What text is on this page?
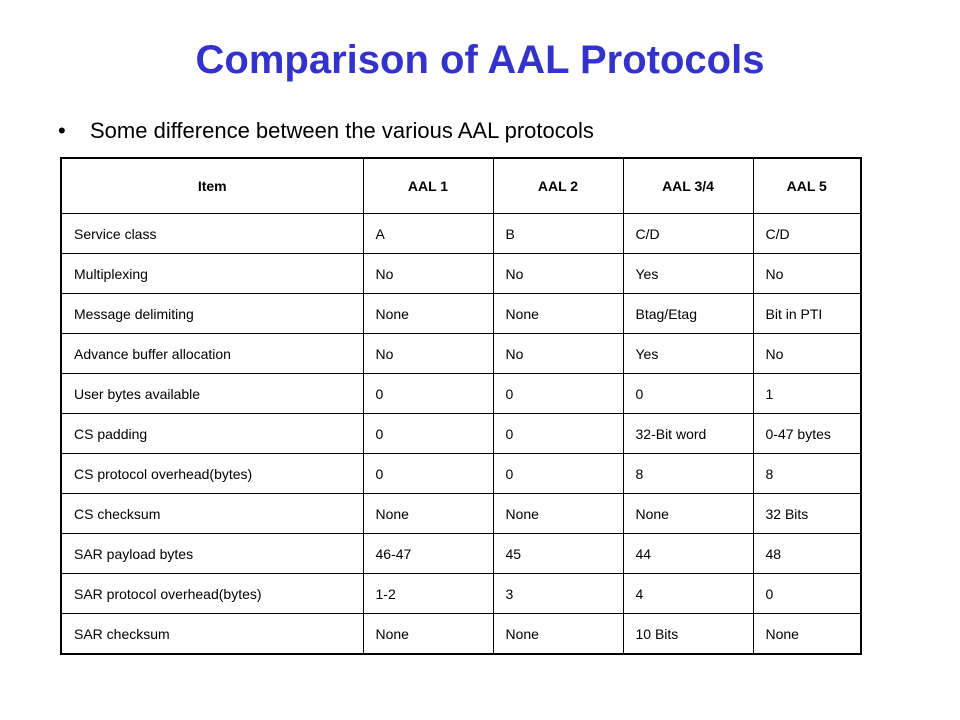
Comparison of AAL Protocols
•	Some difference between the various AAL protocols
Item	AAL 1	AAL 2	AAL 3/4	AAL 5
Service class	A	B	C/D	C/D
Multiplexing	No	No	Yes	No
Message delimiting	None	None	Btag/Etag	Bit in PTI
Advance buffer allocation	No	No	Yes	No
User bytes available	0	0	0	1
CS padding	0	0	32-Bit word	0-47 bytes
CS protocol overhead(bytes)	0	0	8	8
CS checksum	None	None	None	32 Bits
SAR payload bytes	46-47	45	44	48
SAR protocol overhead(bytes)	1-2	3	4	0
SAR checksum	None	None	10 Bits	None
